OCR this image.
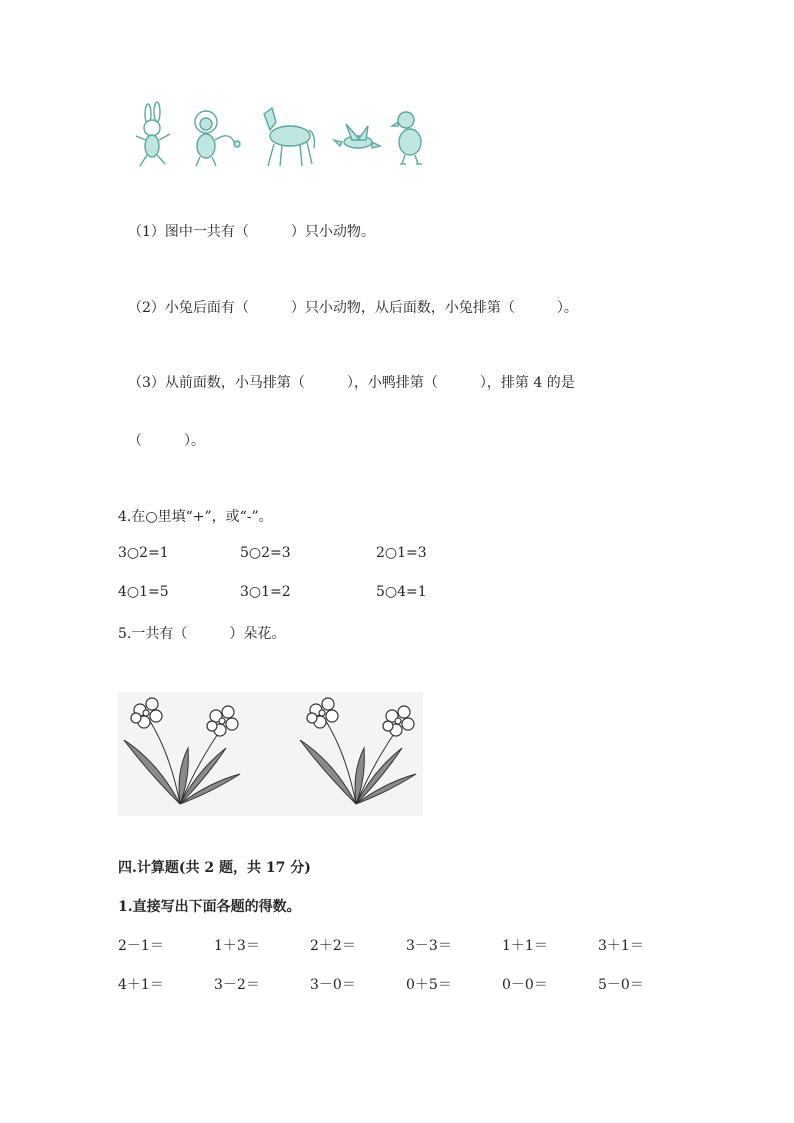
（1）图中一共有（　　　）只小动物。
（2）小兔后面有（　　　）只小动物，从后面数，小兔排第（　　　）。
（3）从前面数，小马排第（　　　），小鸭排第（　　　），排第 4 的是
（　　　）。
4.在○里填“+”，或“-”。
3○2=1	5○2=3	2○1=3
4○1=5	3○1=2	5○4=1
5.一共有（　　　）朵花。
四.计算题(共 2 题，共 17 分)
1.直接写出下面各题的得数。
2－1＝	1＋3＝	2＋2＝	3－3＝	1＋1＝	3＋1＝
4＋1＝	3－2＝	3－0＝	0＋5＝	0－0＝	5－0＝
